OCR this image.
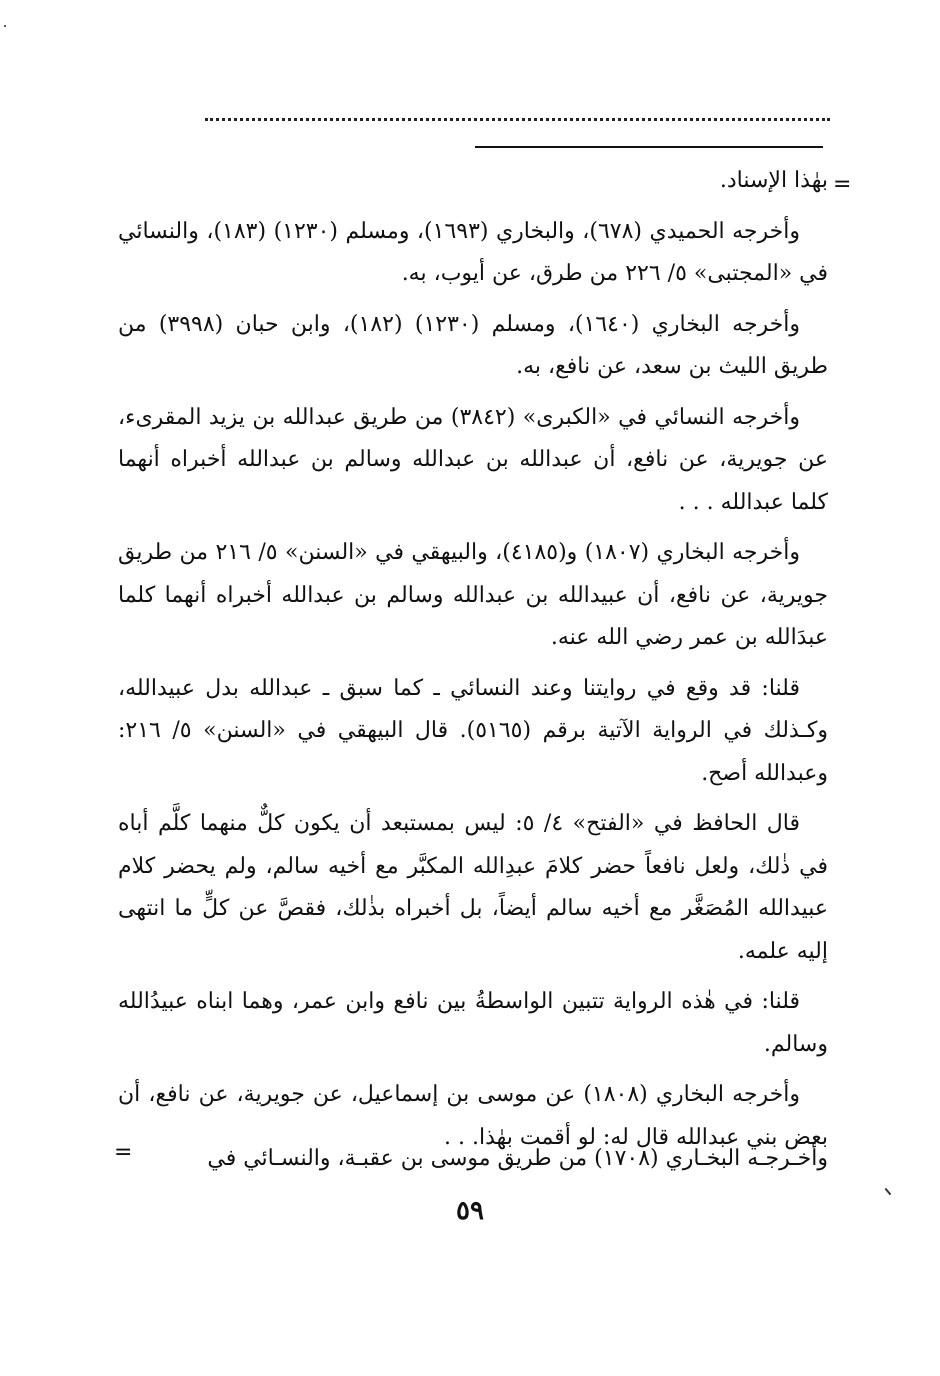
=

بهٰذا الإسناد.

وأخرجه الحميدي (٦٧٨)، والبخاري (١٦٩٣)، ومسلم (١٢٣٠) (١٨٣)، والنسائي في «المجتبى» ٥/ ٢٢٦ من طرق، عن أيوب، به.

وأخرجه البخاري (١٦٤٠)، ومسلم (١٢٣٠) (١٨٢)، وابن حبان (٣٩٩٨) من طريق الليث بن سعد، عن نافع، به.

وأخرجه النسائي في «الكبرى» (٣٨٤٢) من طريق عبدالله بن يزيد المقرىء، عن جويرية، عن نافع، أن عبدالله بن عبدالله وسالم بن عبدالله أخبراه أنهما كلما عبدالله . . .

وأخرجه البخاري (١٨٠٧) و(٤١٨٥)، والبيهقي في «السنن» ٥/ ٢١٦ من طريق جويرية، عن نافع، أن عبيدالله بن عبدالله وسالم بن عبدالله أخبراه أنهما كلما عبدَالله بن عمر رضي الله عنه.

قلنا: قد وقع في روايتنا وعند النسائي ـ كما سبق ـ عبدالله بدل عبيدالله، وكـذلك في الرواية الآتية برقم (٥١٦٥). قال البيهقي في «السنن» ٥/ ٢١٦: وعبدالله أصح.

قال الحافظ في «الفتح» ٤/ ٥: ليس بمستبعد أن يكون كلٌّ منهما كلَّم أباه في ذٰلك، ولعل نافعاً حضر كلامَ عبدِالله المكبَّر مع أخيه سالم، ولم يحضر كلام عبيدالله المُصَغَّر مع أخيه سالم أيضاً، بل أخبراه بذٰلك، فقصَّ عن كلٍّ ما انتهى إليه علمه.

قلنا: في هٰذه الرواية تتبين الواسطةُ بين نافع وابن عمر، وهما ابناه عبيدُالله وسالم.

وأخرجه البخاري (١٨٠٨) عن موسى بن إسماعيل، عن جويرية، عن نافع، أن بعض بني عبدالله قال له: لو أقمت بهٰذا. . .

وأخـرجـه البخـاري (١٧٠٨) من طريق موسى بن عقبـة، والنسـائي في
=
٥٩
